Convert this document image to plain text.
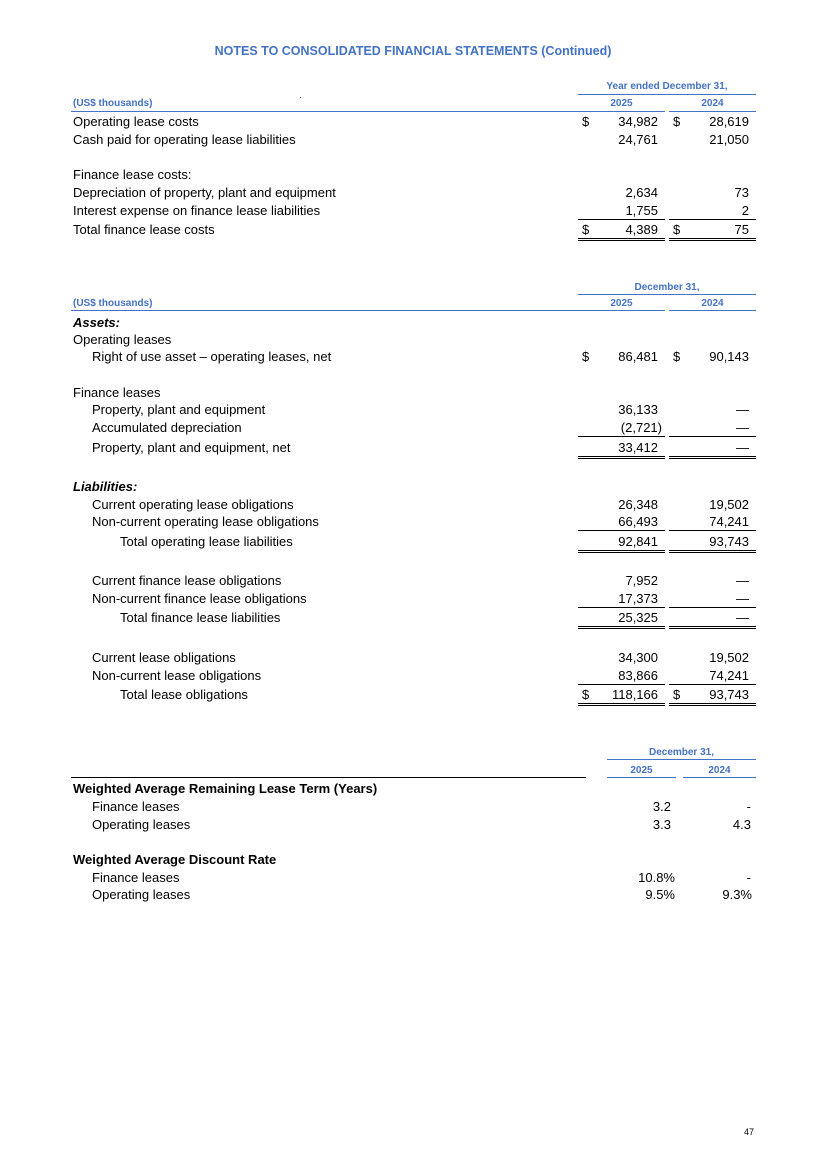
NOTES TO CONSOLIDATED FINANCIAL STATEMENTS (Continued)
Year ended December 31,
(US$ thousands)	2025	2024
Operating lease costs	$	34,982 $	28,619
Cash paid for operating lease liabilities	24,761	21,050
Finance lease costs:
Depreciation of property, plant and equipment	2,634	73
Interest expense on finance lease liabilities	1,755	2
Total finance lease costs	$	4,389 $	75
December 31,
(US$ thousands)	2025	2024
Assets:
Operating leases
Right of use asset – operating leases, net	$	86,481 $	90,143
Finance leases
Property, plant and equipment	36,133	—
Accumulated depreciation	(2,721)	—
Property, plant and equipment, net	33,412	—
Liabilities:
Current operating lease obligations	26,348	19,502
Non-current operating lease obligations	66,493	74,241
Total operating lease liabilities	92,841	93,743
Current finance lease obligations	7,952	—
Non-current finance lease obligations	17,373	—
Total finance lease liabilities	25,325	—
Current lease obligations	34,300	19,502
Non-current lease obligations	83,866	74,241
Total lease obligations	$	118,166 $	93,743
December 31,
2025	2024
Weighted Average Remaining Lease Term (Years)
Finance leases	3.2	-
Operating leases	3.3	4.3
Weighted Average Discount Rate
Finance leases	10.8%	-
Operating leases	9.5%	9.3%
47
